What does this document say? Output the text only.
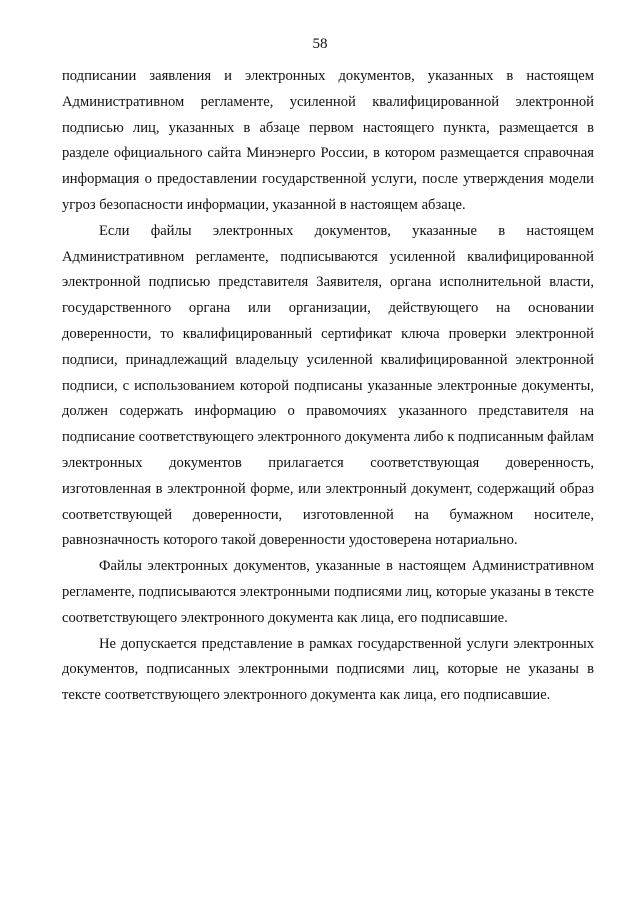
58

подписании заявления и электронных документов, указанных в настоящем Административном регламенте, усиленной квалифицированной электронной подписью лиц, указанных в абзаце первом настоящего пункта, размещается в разделе официального сайта Минэнерго России, в котором размещается справочная информация о предоставлении государственной услуги, после утверждения модели угроз безопасности информации, указанной в настоящем абзаце.

Если файлы электронных документов, указанные в настоящем Административном регламенте, подписываются усиленной квалифицированной электронной подписью представителя Заявителя, органа исполнительной власти, государственного органа или организации, действующего на основании доверенности, то квалифицированный сертификат ключа проверки электронной подписи, принадлежащий владельцу усиленной квалифицированной электронной подписи, с использованием которой подписаны указанные электронные документы, должен содержать информацию о правомочиях указанного представителя на подписание соответствующего электронного документа либо к подписанным файлам электронных документов прилагается соответствующая доверенность, изготовленная в электронной форме, или электронный документ, содержащий образ соответствующей доверенности, изготовленной на бумажном носителе, равнозначность которого такой доверенности удостоверена нотариально.

Файлы электронных документов, указанные в настоящем Административном регламенте, подписываются электронными подписями лиц, которые указаны в тексте соответствующего электронного документа как лица, его подписавшие.

Не допускается представление в рамках государственной услуги электронных документов, подписанных электронными подписями лиц, которые не указаны в тексте соответствующего электронного документа как лица, его подписавшие.
